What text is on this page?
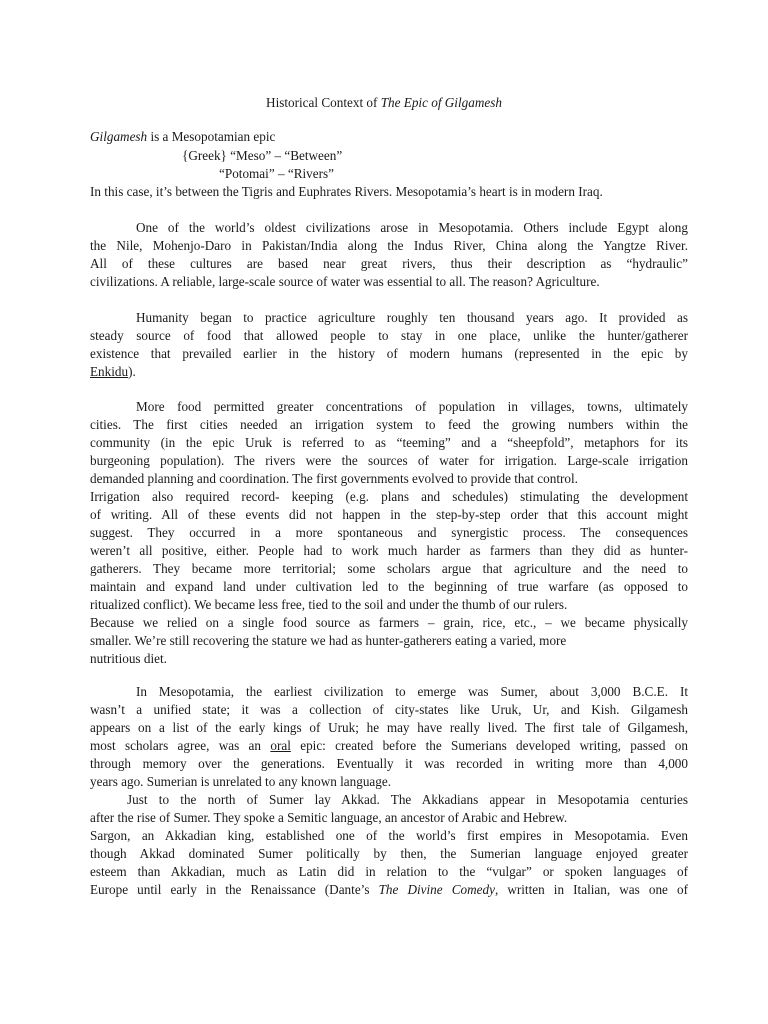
Historical Context of The Epic of Gilgamesh
Gilgamesh is a Mesopotamian epic
{Greek} “Meso” – “Between”
“Potomai” – “Rivers”
In this case, it’s between the Tigris and Euphrates Rivers. Mesopotamia’s heart is in modern Iraq.
One of the world’s oldest civilizations arose in Mesopotamia. Others include Egypt along
the Nile, Mohenjo-Daro in Pakistan/India along the Indus River, China along the Yangtze River.
All of these cultures are based near great rivers, thus their description as “hydraulic”
civilizations. A reliable, large-scale source of water was essential to all. The reason? Agriculture.
Humanity began to practice agriculture roughly ten thousand years ago. It provided as
steady source of food that allowed people to stay in one place, unlike the hunter/gatherer
existence that prevailed earlier in the history of modern humans (represented in the epic by
Enkidu).
More food permitted greater concentrations of population in villages, towns, ultimately
cities. The first cities needed an irrigation system to feed the growing numbers within the
community (in the epic Uruk is referred to as “teeming” and a “sheepfold”, metaphors for its
burgeoning population). The rivers were the sources of water for irrigation. Large-scale irrigation
demanded planning and coordination. The first governments evolved to provide that control.
Irrigation also required record- keeping (e.g. plans and schedules) stimulating the development
of writing. All of these events did not happen in the step-by-step order that this account might
suggest. They occurred in a more spontaneous and synergistic process. The consequences
weren’t all positive, either. People had to work much harder as farmers than they did as hunter-
gatherers. They became more territorial; some scholars argue that agriculture and the need to
maintain and expand land under cultivation led to the beginning of true warfare (as opposed to
ritualized conflict). We became less free, tied to the soil and under the thumb of our rulers.
Because we relied on a single food source as farmers – grain, rice, etc., – we became physically
smaller. We’re still recovering the stature we had as hunter-gatherers eating a varied, more
nutritious diet.
In Mesopotamia, the earliest civilization to emerge was Sumer, about 3,000 B.C.E. It
wasn’t a unified state; it was a collection of city-states like Uruk, Ur, and Kish. Gilgamesh
appears on a list of the early kings of Uruk; he may have really lived. The first tale of Gilgamesh,
most scholars agree, was an oral epic: created before the Sumerians developed writing, passed on
through memory over the generations. Eventually it was recorded in writing more than 4,000
years ago. Sumerian is unrelated to any known language.
Just to the north of Sumer lay Akkad. The Akkadians appear in Mesopotamia centuries
after the rise of Sumer. They spoke a Semitic language, an ancestor of Arabic and Hebrew.
Sargon, an Akkadian king, established one of the world’s first empires in Mesopotamia. Even
though Akkad dominated Sumer politically by then, the Sumerian language enjoyed greater
esteem than Akkadian, much as Latin did in relation to the “vulgar” or spoken languages of
Europe until early in the Renaissance (Dante’s The Divine Comedy, written in Italian, was one of
